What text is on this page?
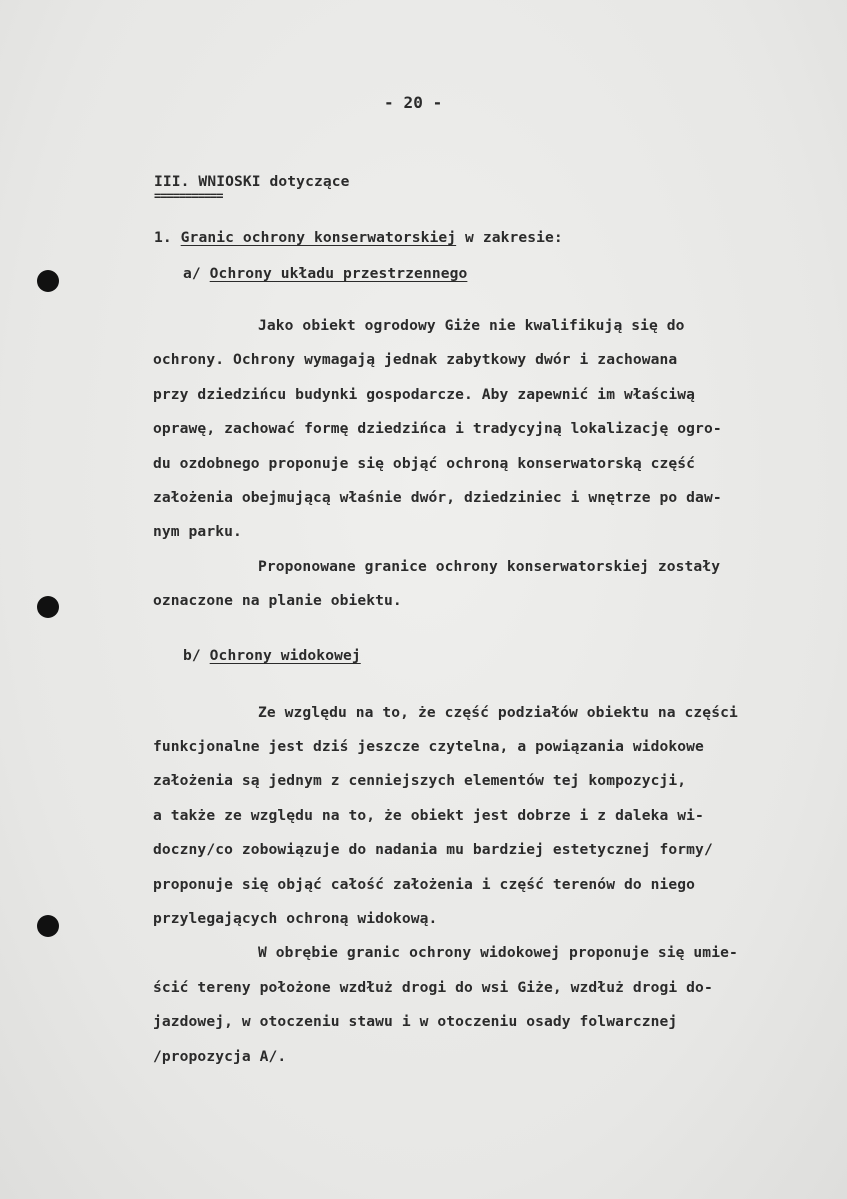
- 20 -
III. WNIOSKI dotyczące
===========
1. Granic ochrony konserwatorskiej w zakresie:
a/ Ochrony układu przestrzennego
Jako obiekt ogrodowy Giże nie kwalifikują się do
ochrony. Ochrony wymagają jednak zabytkowy dwór i zachowana
przy dziedzińcu budynki gospodarcze. Aby zapewnić im właściwą
oprawę, zachować formę dziedzińca i tradycyjną lokalizację ogro-
du ozdobnego proponuje się objąć ochroną konserwatorską część
założenia obejmującą właśnie dwór, dziedziniec i wnętrze po daw-
nym parku.
Proponowane granice ochrony konserwatorskiej zostały
oznaczone na planie obiektu.
b/ Ochrony widokowej
Ze względu na to, że część podziałów obiektu na części
funkcjonalne jest dziś jeszcze czytelna, a powiązania widokowe
założenia są jednym z cenniejszych elementów tej kompozycji,
a także ze względu na to, że obiekt jest dobrze i z daleka wi-
doczny/co zobowiązuje do nadania mu bardziej estetycznej formy/
proponuje się objąć całość założenia i część terenów do niego
przylegających ochroną widokową.
W obrębie granic ochrony widokowej proponuje się umie-
ścić tereny położone wzdłuż drogi do wsi Giże, wzdłuż drogi do-
jazdowej, w otoczeniu stawu i w otoczeniu osady folwarcznej
/propozycja A/.
